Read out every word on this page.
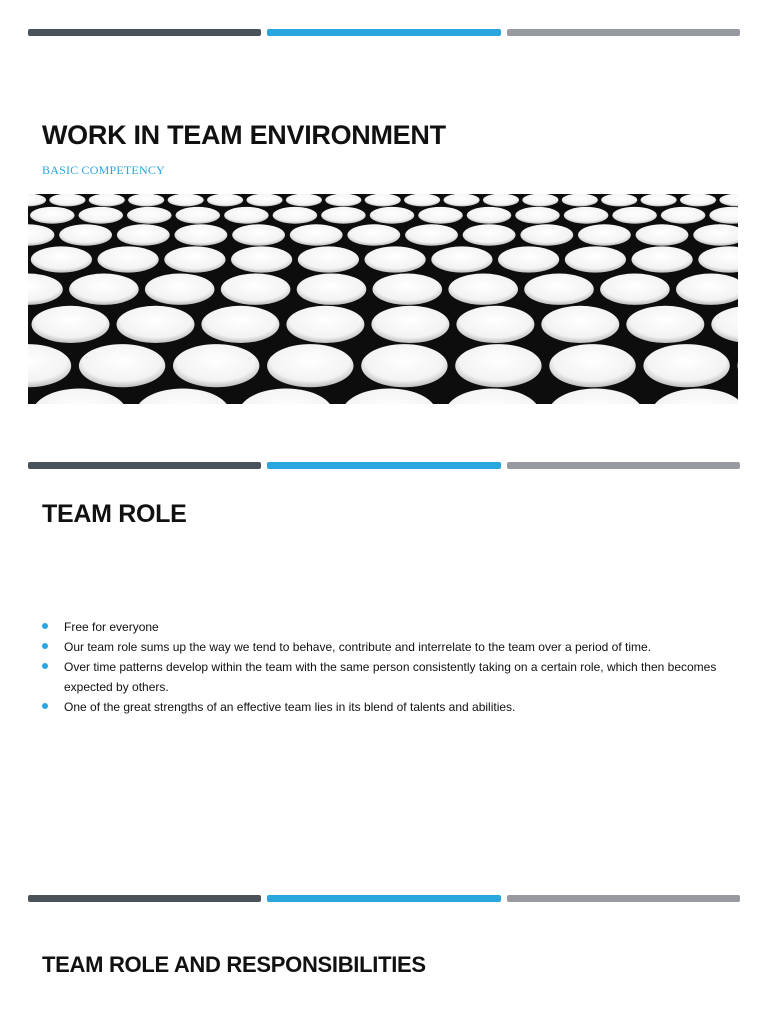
WORK IN TEAM ENVIRONMENT

BASIC COMPETENCY

TEAM ROLE
Free for everyone
Our team role sums up the way we tend to behave, contribute and interrelate to the team over a period of time.
Over time patterns develop within the team with the same person consistently taking on a certain role, which then becomes expected by others.
One of the great strengths of an effective team lies in its blend of talents and abilities.
TEAM ROLE AND RESPONSIBILITIES
